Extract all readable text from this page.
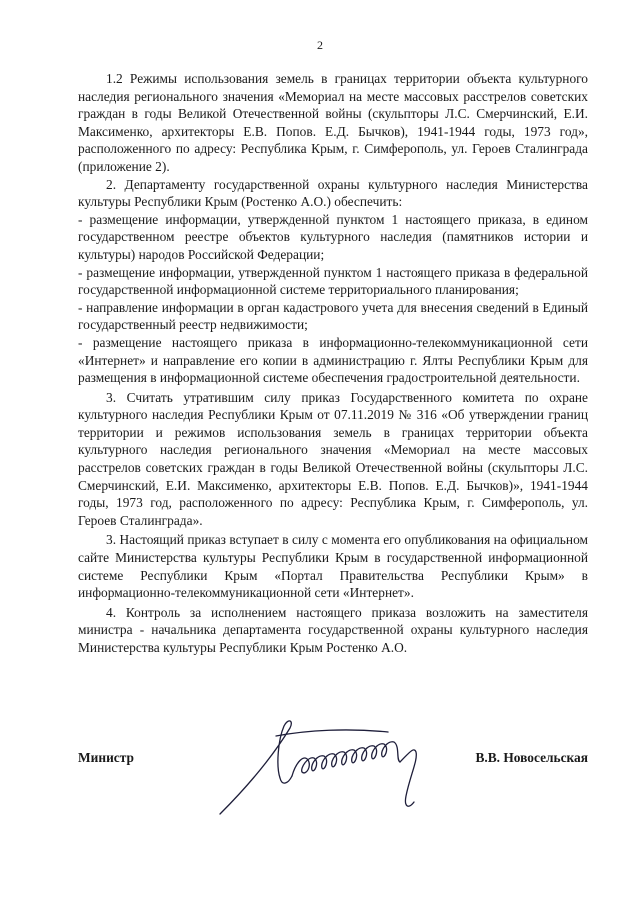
2

1.2 Режимы использования земель в границах территории объекта культурного наследия регионального значения «Мемориал на месте массовых расстрелов советских граждан в годы Великой Отечественной войны (скульпторы Л.С. Смерчинский, Е.И. Максименко, архитекторы Е.В. Попов. Е.Д. Бычков), 1941-1944 годы, 1973 год», расположенного по адресу: Республика Крым, г. Симферополь, ул. Героев Сталинграда (приложение 2).

2. Департаменту государственной охраны культурного наследия Министерства культуры Республики Крым (Ростенко А.О.) обеспечить:

- размещение информации, утвержденной пунктом 1 настоящего приказа, в едином государственном реестре объектов культурного наследия (памятников истории и культуры) народов Российской Федерации;

- размещение информации, утвержденной пунктом 1 настоящего приказа в федеральной государственной информационной системе территориального планирования;

- направление информации в орган кадастрового учета для внесения сведений в Единый государственный реестр недвижимости;

- размещение настоящего приказа в информационно-телекоммуникационной сети «Интернет» и направление его копии в администрацию г. Ялты Республики Крым для размещения в информационной системе обеспечения градостроительной деятельности.

3. Считать утратившим силу приказ Государственного комитета по охране культурного наследия Республики Крым от 07.11.2019 № 316 «Об утверждении границ территории и режимов использования земель в границах территории объекта культурного наследия регионального значения «Мемориал на месте массовых расстрелов советских граждан в годы Великой Отечественной войны (скульпторы Л.С. Смерчинский, Е.И. Максименко, архитекторы Е.В. Попов. Е.Д. Бычков)», 1941-1944 годы, 1973 год, расположенного по адресу: Республика Крым, г. Симферополь, ул. Героев Сталинграда».

3. Настоящий приказ вступает в силу с момента его опубликования на официальном сайте Министерства культуры Республики Крым в государственной информационной системе Республики Крым «Портал Правительства Республики Крым» в информационно-телекоммуникационной сети «Интернет».

4. Контроль за исполнением настоящего приказа возложить на заместителя министра - начальника департамента государственной охраны культурного наследия Министерства культуры Республики Крым Ростенко А.О.

Министр	В.В. Новосельская
